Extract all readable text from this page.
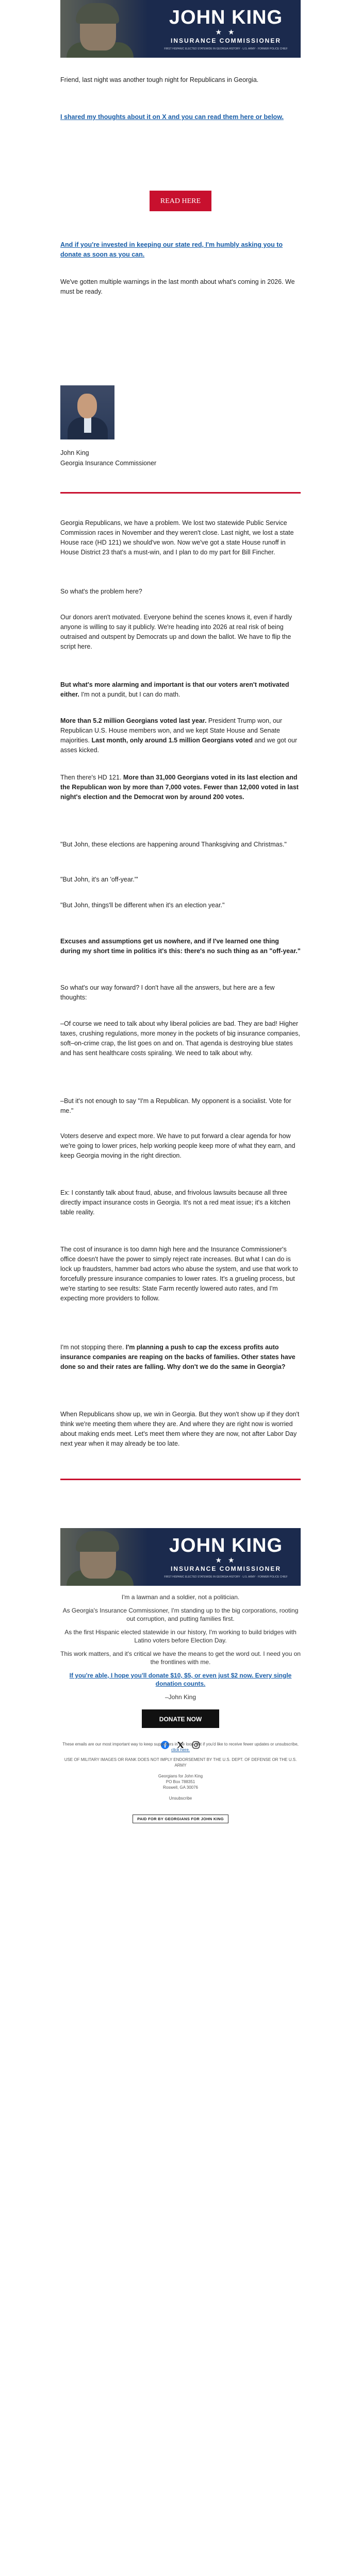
JOHN KING
★ ★
INSURANCE COMMISSIONER
FIRST HISPANIC ELECTED STATEWIDE IN GEORGIA HISTORY · U.S. ARMY · FORMER POLICE CHIEF

Friend, last night was another tough night for Republicans in Georgia.

I shared my thoughts about it on X and you can read them here or below.

READ HERE

And if you're invested in keeping our state red, I'm humbly asking you to donate as soon as you can.

We've gotten multiple warnings in the last month about what's coming in 2026. We must be ready.

John King

Georgia Insurance Commissioner

Georgia Republicans, we have a problem. We lost two statewide Public Service Commission races in November and they weren't close. Last night, we lost a state House race (HD 121) we should've won. Now we've got a state House runoff in House District 23 that's a must-win, and I plan to do my part for Bill Fincher.

So what's the problem here?

Our donors aren't motivated. Everyone behind the scenes knows it, even if hardly anyone is willing to say it publicly. We're heading into 2026 at real risk of being outraised and outspent by Democrats up and down the ballot. We have to flip the script here.

But what's more alarming and important is that our voters aren't motivated either. I'm not a pundit, but I can do math.

More than 5.2 million Georgians voted last year. President Trump won, our Republican U.S. House members won, and we kept State House and Senate majorities. Last month, only around 1.5 million Georgians voted and we got our asses kicked.

Then there's HD 121. More than 31,000 Georgians voted in its last election and the Republican won by more than 7,000 votes. Fewer than 12,000 voted in last night's election and the Democrat won by around 200 votes.

"But John, these elections are happening around Thanksgiving and Christmas."

"But John, it's an 'off-year.'"

"But John, things'll be different when it's an election year."

Excuses and assumptions get us nowhere, and if I've learned one thing during my short time in politics it's this: there's no such thing as an "off-year."

So what's our way forward? I don't have all the answers, but here are a few thoughts:

–Of course we need to talk about why liberal policies are bad. They are bad! Higher taxes, crushing regulations, more money in the pockets of big insurance companies, soft–on-crime crap, the list goes on and on. That agenda is destroying blue states and has sent healthcare costs spiraling. We need to talk about why.

–But it's not enough to say "I'm a Republican. My opponent is a socialist. Vote for me."

Voters deserve and expect more. We have to put forward a clear agenda for how we're going to lower prices, help working people keep more of what they earn, and keep Georgia moving in the right direction.

Ex: I constantly talk about fraud, abuse, and frivolous lawsuits because all three directly impact insurance costs in Georgia. It's not a red meat issue; it's a kitchen table reality.

The cost of insurance is too damn high here and the Insurance Commissioner's office doesn't have the power to simply reject rate increases. But what I can do is lock up fraudsters, hammer bad actors who abuse the system, and use that work to forcefully pressure insurance companies to lower rates. It's a grueling process, but we're starting to see results: State Farm recently lowered auto rates, and I'm expecting more providers to follow.

I'm not stopping there. I'm planning a push to cap the excess profits auto insurance companies are reaping on the backs of families. Other states have done so and their rates are falling. Why don't we do the same in Georgia?

When Republicans show up, we win in Georgia. But they won't show up if they don't think we're meeting them where they are. And where they are right now is worried about making ends meet. Let's meet them where they are now, not after Labor Day next year when it may already be too late.

JOHN KING
★ ★
INSURANCE COMMISSIONER
FIRST HISPANIC ELECTED STATEWIDE IN GEORGIA HISTORY · U.S. ARMY · FORMER POLICE CHIEF
I'm a lawman and a soldier, not a politician.
As Georgia's Insurance Commissioner, I'm standing up to the big corporations, rooting out corruption, and putting families first.
As the first Hispanic elected statewide in our history, I'm working to build bridges with Latino voters before Election Day.
This work matters, and it's critical we have the means to get the word out. I need you on the frontlines with me.
If you're able, I hope you'll donate $10, $5, or even just $2 now. Every single donation counts.
–John King
DONATE NOW

These emails are our most important way to keep supporters in the loop, but if you'd like to receive fewer updates or unsubscribe, click here.
USE OF MILITARY IMAGES OR RANK DOES NOT IMPLY ENDORSEMENT BY THE U.S. DEPT. OF DEFENSE OR THE U.S. ARMY
Georgians for John King
PO Box 788351
Roswell, GA 30076
Unsubscribe
PAID FOR BY GEORGIANS FOR JOHN KING
